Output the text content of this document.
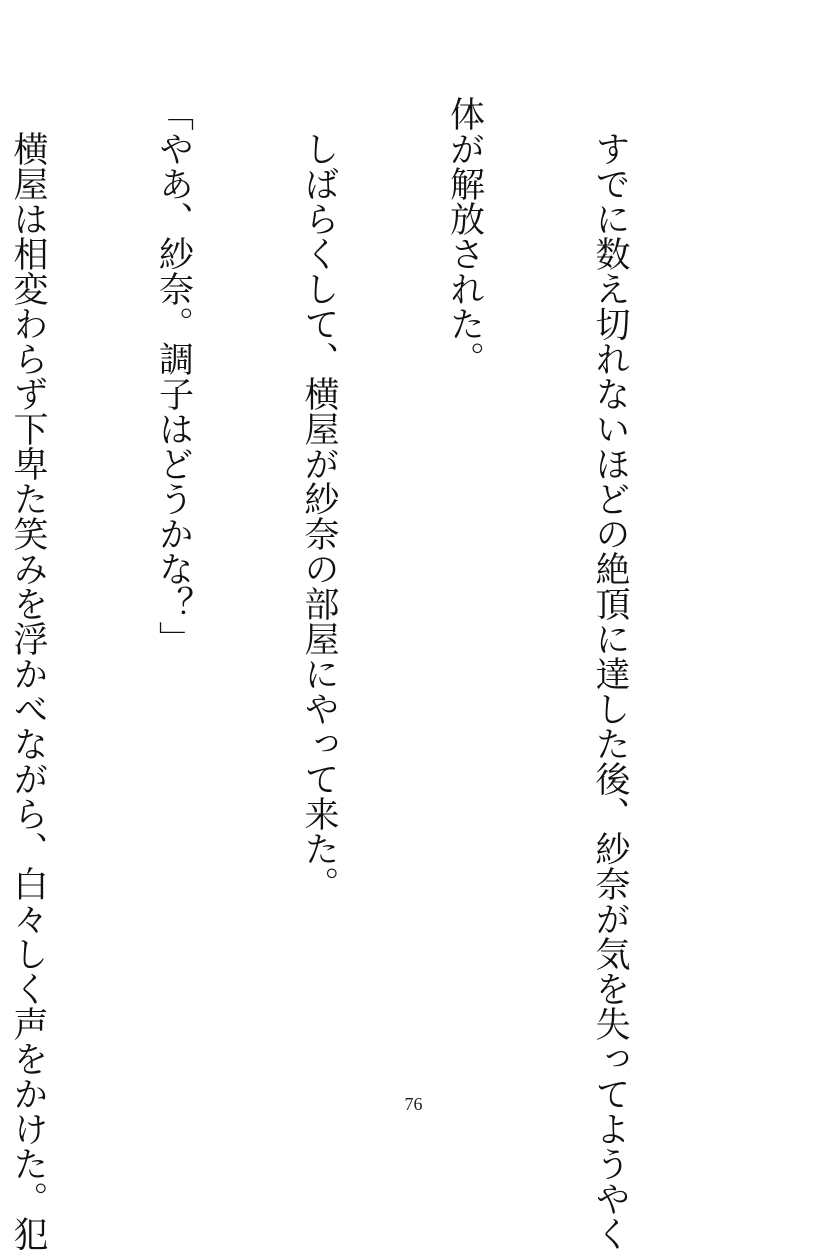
　すでに数え切れないほどの絶頂に達した後、紗奈が気を失ってようやく

体が解放された。

　しばらくして、横屋が紗奈の部屋にやって来た。

「やあ、紗奈。調子はどうかな？」

　横屋は相変わらず下卑た笑みを浮かべながら、白々しく声をかけた。犯

	76
